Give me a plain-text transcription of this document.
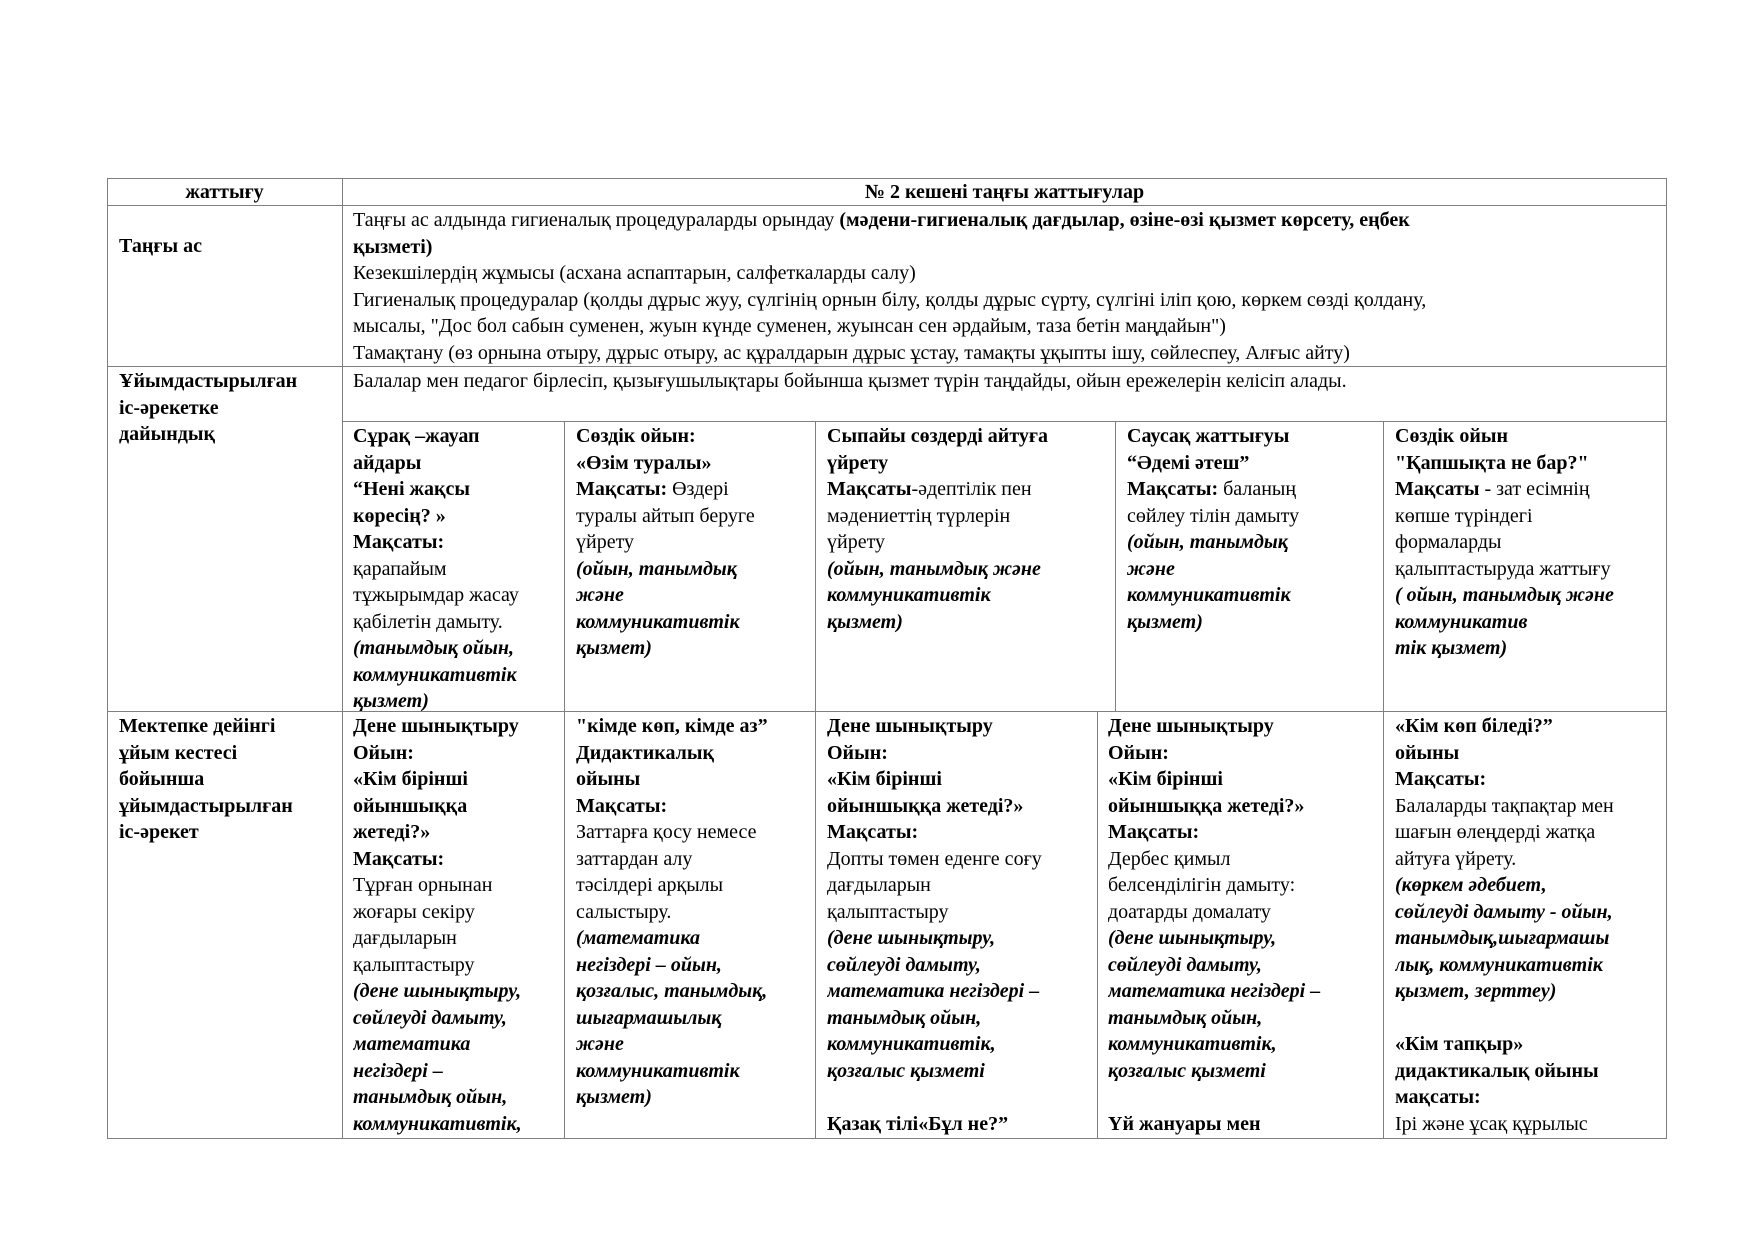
жаттығу	№ 2 кешені таңғы жаттығулар
Таңғы ас
Таңғы ас алдында гигиеналық процедураларды орындау (мәдени-гигиеналық дағдылар, өзіне-өзі қызмет көрсету, еңбек
қызметі)
Кезекшілердің жұмысы (асхана аспаптарын, салфеткаларды салу)
Гигиеналық процедуралар (қолды дұрыс жуу, сүлгінің орнын білу, қолды дұрыс сүрту, сүлгіні іліп қою, көркем сөзді қолдану,
мысалы, "Дос бол сабын суменен, жуын күнде суменен, жуынсан сен әрдайым, таза бетін маңдайын")
Тамақтану (өз орнына отыру, дұрыс отыру, ас құралдарын дұрыс ұстау, тамақты ұқыпты ішу, сөйлеспеу, Алғыс айту)
Ұйымдастырылған
іс-әрекетке
дайындық
Балалар мен педагог бірлесіп, қызығушылықтары бойынша қызмет түрін таңдайды, ойын ережелерін келісіп алады.
Сұрақ –жауап
айдары
“Нені жақсы
көресің? »
Мақсаты:
қарапайым
тұжырымдар жасау
қабілетін дамыту.
(танымдық ойын,
коммуникативтік
қызмет)
Сөздік ойын:
«Өзім туралы»
Мақсаты: Өздері
туралы айтып беруге
үйрету
(ойын, танымдық
және
коммуникативтік
қызмет)
Сыпайы сөздерді айтуға
үйрету
Мақсаты-әдептілік пен
мәдениеттің түрлерін
үйрету
(ойын, танымдық және
коммуникативтік
қызмет)
Саусақ жаттығуы
“Әдемі әтеш”
Мақсаты: баланың
сөйлеу тілін дамыту
(ойын, танымдық
және
коммуникативтік
қызмет)
Сөздік ойын
"Қапшықта не бар?"
Мақсаты - зат есімнің
көпше түріндегі
формаларды
қалыптастыруда жаттығу
( ойын, танымдық және
коммуникатив
тік қызмет)
Мектепке дейінгі
ұйым кестесі
бойынша
ұйымдастырылған
іс-әрекет
Дене шынықтыру
Ойын:
«Кім бірінші
ойыншыққа
жетеді?»
Мақсаты:
Тұрған орнынан
жоғары секіру
дағдыларын
қалыптастыру
(дене шынықтыру,
сөйлеуді дамыту,
математика
негіздері –
танымдық ойын,
коммуникативтік,
"кімде көп, кімде аз”
Дидактикалық
ойыны
Мақсаты:
Заттарға қосу немесе
заттардан алу
тәсілдері арқылы
салыстыру.
(математика
негіздері – ойын,
қозғалыс, танымдық,
шығармашылық
және
коммуникативтік
қызмет)
Дене шынықтыру
Ойын:
«Кім бірінші
ойыншыққа жетеді?»
Мақсаты:
Допты төмен еденге соғу
дағдыларын
қалыптастыру
(дене шынықтыру,
сөйлеуді дамыту,
математика негіздері –
танымдық ойын,
коммуникативтік,
қозғалыс қызметі
Қазақ тілі«Бұл не?”
Дене шынықтыру
Ойын:
«Кім бірінші
ойыншыққа жетеді?»
Мақсаты:
Дербес қимыл
белсенділігін дамыту:
доатарды домалату
(дене шынықтыру,
сөйлеуді дамыту,
математика негіздері –
танымдық ойын,
коммуникативтік,
қозғалыс қызметі
Үй жануары мен
«Кім көп біледі?”
ойыны
Мақсаты:
Балаларды тақпақтар мен
шағын өлеңдерді жатқа
айтуға үйрету.
(көркем әдебиет,
сөйлеуді дамыту - ойын,
танымдық,шығармашы
лық, коммуникативтік
қызмет, зерттеу)
«Кім тапқыр»
дидактикалық ойыны
мақсаты:
Ірі және ұсақ құрылыс
